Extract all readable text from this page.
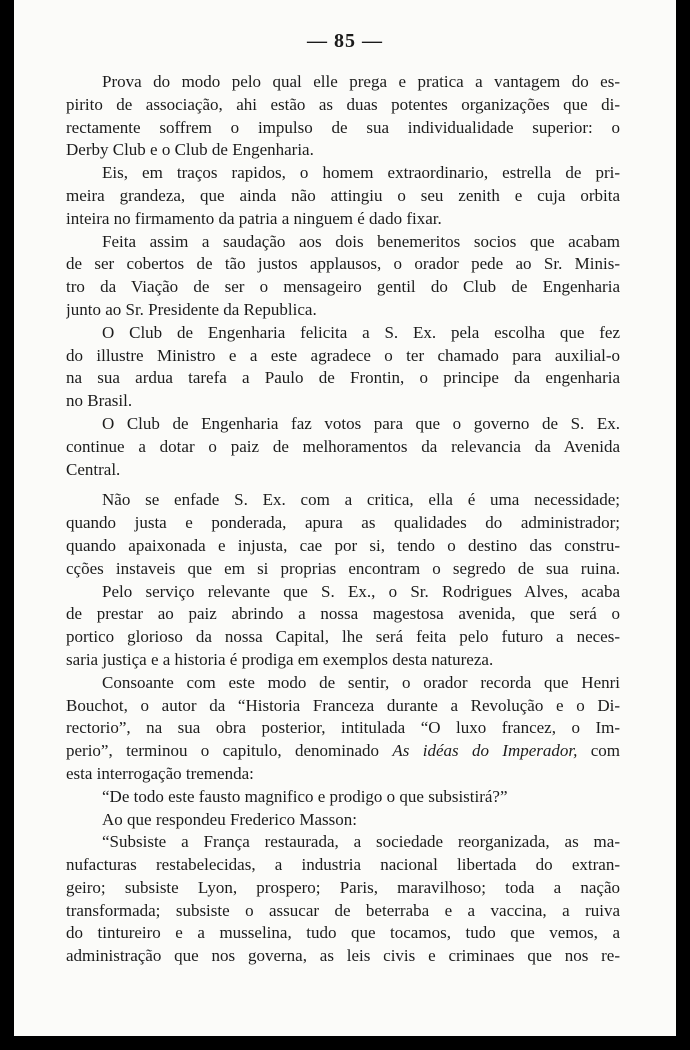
— 85 —
Prova do modo pelo qual elle prega e pratica a vantagem do es-
pirito de associação, ahi estão as duas potentes organizações que di-
rectamente soffrem o impulso de sua individualidade superior: o
Derby Club e o Club de Engenharia.
Eis, em traços rapidos, o homem extraordinario, estrella de pri-
meira grandeza, que ainda não attingiu o seu zenith e cuja orbita
inteira no firmamento da patria a ninguem é dado fixar.
Feita assim a saudação aos dois benemeritos socios que acabam
de ser cobertos de tão justos applausos, o orador pede ao Sr. Minis-
tro da Viação de ser o mensageiro gentil do Club de Engenharia
junto ao Sr. Presidente da Republica.
O Club de Engenharia felicita a S. Ex. pela escolha que fez
do illustre Ministro e a este agradece o ter chamado para auxilial-o
na sua ardua tarefa a Paulo de Frontin, o principe da engenharia
no Brasil.
O Club de Engenharia faz votos para que o governo de S. Ex.
continue a dotar o paiz de melhoramentos da relevancia da Avenida
Central.
Não se enfade S. Ex. com a critica, ella é uma necessidade;
quando justa e ponderada, apura as qualidades do administrador;
quando apaixonada e injusta, cae por si, tendo o destino das constru-
cções instaveis que em si proprias encontram o segredo de sua ruina.
Pelo serviço relevante que S. Ex., o Sr. Rodrigues Alves, acaba
de prestar ao paiz abrindo a nossa magestosa avenida, que será o
portico glorioso da nossa Capital, lhe será feita pelo futuro a neces-
saria justiça e a historia é prodiga em exemplos desta natureza.
Consoante com este modo de sentir, o orador recorda que Henri
Bouchot, o autor da “Historia Franceza durante a Revolução e o Di-
rectorio”, na sua obra posterior, intitulada “O luxo francez, o Im-
perio”, terminou o capitulo, denominado As idéas do Imperador, com
esta interrogação tremenda:
“De todo este fausto magnifico e prodigo o que subsistirá?”
Ao que respondeu Frederico Masson:
“Subsiste a França restaurada, a sociedade reorganizada, as ma-
nufacturas restabelecidas, a industria nacional libertada do extran-
geiro; subsiste Lyon, prospero; Paris, maravilhoso; toda a nação
transformada; subsiste o assucar de beterraba e a vaccina, a ruiva
do tintureiro e a musselina, tudo que tocamos, tudo que vemos, a
administração que nos governa, as leis civis e criminaes que nos re-
